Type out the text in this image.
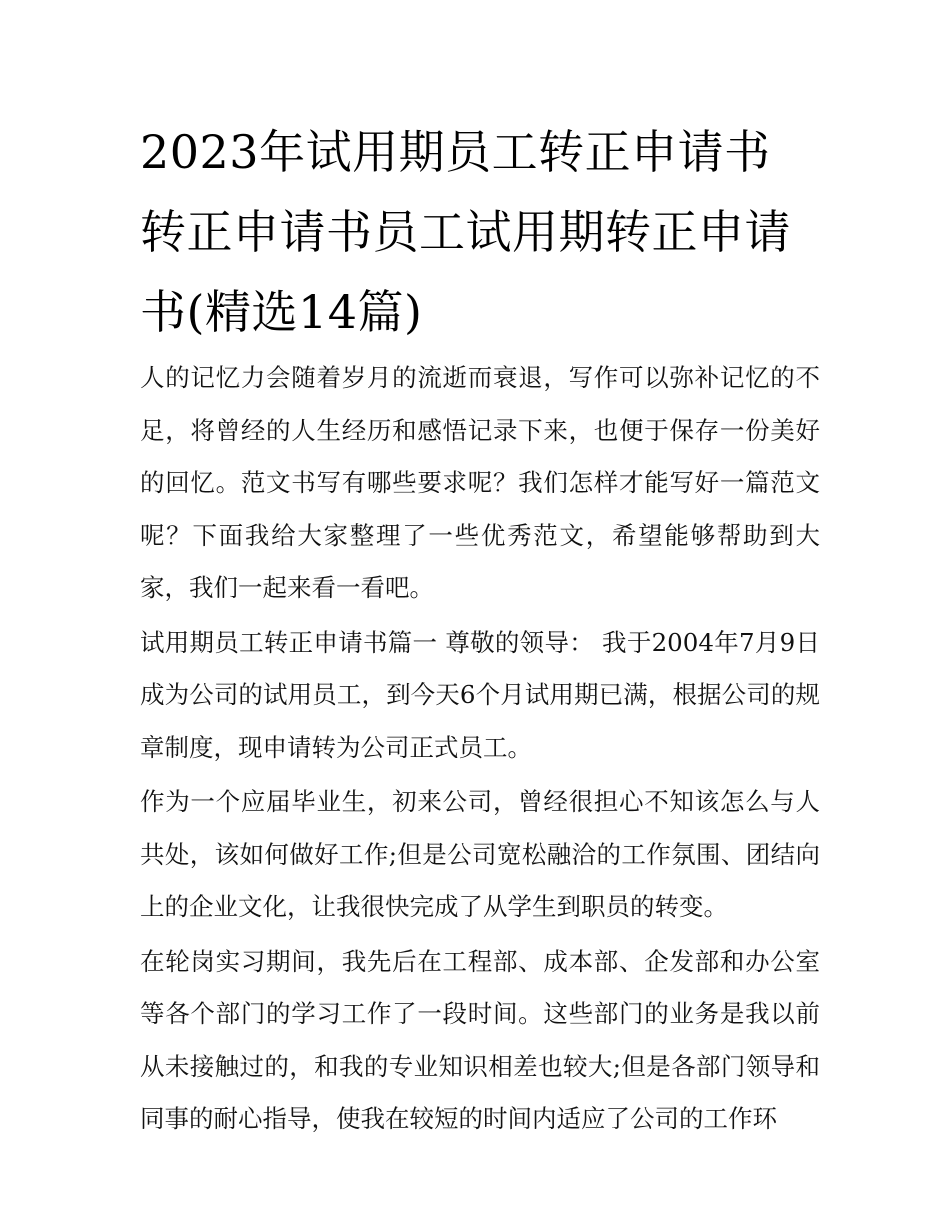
2023年试用期员工转正申请书 转正申请书员工试用期转正申请书(精选14篇)

人的记忆力会随着岁月的流逝而衰退，写作可以弥补记忆的不足，将曾经的人生经历和感悟记录下来，也便于保存一份美好的回忆。范文书写有哪些要求呢？我们怎样才能写好一篇范文呢？下面我给大家整理了一些优秀范文，希望能够帮助到大家，我们一起来看一看吧。

试用期员工转正申请书篇一 尊敬的领导： 我于2004年7月9日成为公司的试用员工，到今天6个月试用期已满，根据公司的规章制度，现申请转为公司正式员工。

作为一个应届毕业生，初来公司，曾经很担心不知该怎么与人共处，该如何做好工作;但是公司宽松融洽的工作氛围、团结向上的企业文化，让我很快完成了从学生到职员的转变。

在轮岗实习期间，我先后在工程部、成本部、企发部和办公室等各个部门的学习工作了一段时间。这些部门的业务是我以前从未接触过的，和我的专业知识相差也较大;但是各部门领导和同事的耐心指导，使我在较短的时间内适应了公司的工作环
